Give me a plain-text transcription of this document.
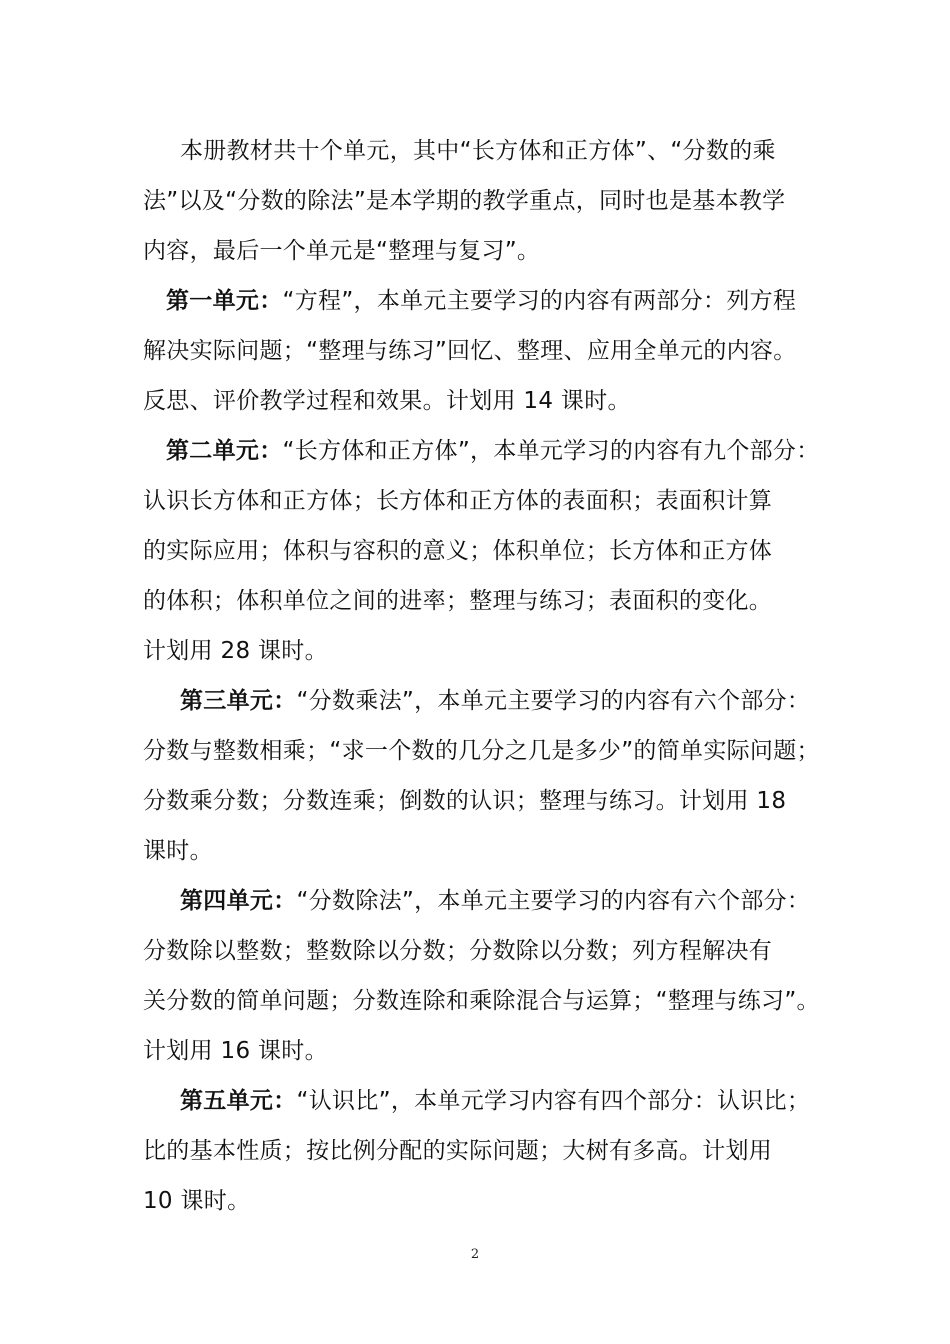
本册教材共十个单元，其中“长方体和正方体”、“分数的乘
法”以及“分数的除法”是本学期的教学重点，同时也是基本教学
内容，最后一个单元是“整理与复习”。
第一单元：“方程”，本单元主要学习的内容有两部分：列方程
解决实际问题；“整理与练习”回忆、整理、应用全单元的内容。
反思、评价教学过程和效果。计划用 14 课时。
第二单元：“长方体和正方体”，本单元学习的内容有九个部分：
认识长方体和正方体；长方体和正方体的表面积；表面积计算
的实际应用；体积与容积的意义；体积单位；长方体和正方体
的体积；体积单位之间的进率；整理与练习；表面积的变化。
计划用 28 课时。
第三单元：“分数乘法”，本单元主要学习的内容有六个部分：
分数与整数相乘；“求一个数的几分之几是多少”的简单实际问题；
分数乘分数；分数连乘；倒数的认识；整理与练习。计划用 18
课时。
第四单元：“分数除法”，本单元主要学习的内容有六个部分：
分数除以整数；整数除以分数；分数除以分数；列方程解决有
关分数的简单问题；分数连除和乘除混合与运算；“整理与练习”。
计划用 16 课时。
第五单元：“认识比”，本单元学习内容有四个部分：认识比；
比的基本性质；按比例分配的实际问题；大树有多高。计划用
10 课时。
2
